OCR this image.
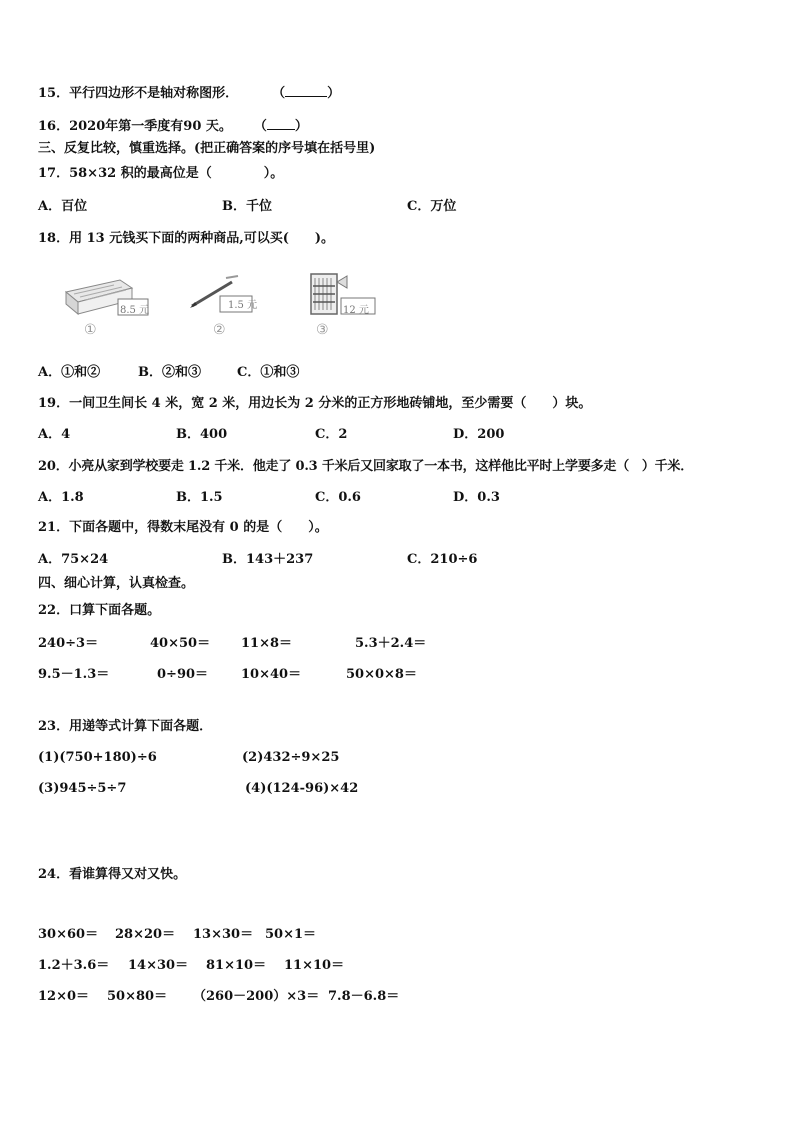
15．平行四边形不是轴对称图形．	（	）
16．2020年第一季度有90 天。 （ ）
三、反复比较，慎重选择。(把正确答案的序号填在括号里)
17．58×32 积的最高位是（　　　　）。
A．百位	B．千位	C．万位
18．用 13 元钱买下面的两种商品,可以买(　　)。
8.5 元
①
1.5 元
②
12 元
③
A．①和②	B．②和③	C．①和③
19．一间卫生间长 4 米，宽 2 米，用边长为 2 分米的正方形地砖铺地，至少需要（　　）块。
A．4	B．400	C．2	D．200
20．小亮从家到学校要走 1.2 千米．他走了 0.3 千米后又回家取了一本书，这样他比平时上学要多走（　）千米．
A．1.8	B．1.5	C．0.6	D．0.3
21．下面各题中，得数末尾没有 0 的是（　　）。
A．75×24	B．143＋237	C．210÷6
四、细心计算，认真检查。
22．口算下面各题。
240÷3＝	40×50＝ 11×8＝	5.3＋2.4＝
9.5－1.3＝	0÷90＝	10×40＝	50×0×8＝
23．用递等式计算下面各题．
(1)(750+180)÷6	(2)432÷9×25
(3)945÷5÷7	(4)(124-96)×42
24．看谁算得又对又快。
30×60＝ 28×20＝ 13×30＝ 50×1＝
1.2＋3.6＝ 14×30＝ 81×10＝ 11×10＝
12×0＝ 50×80＝ （260－200）×3＝ 7.8－6.8＝
